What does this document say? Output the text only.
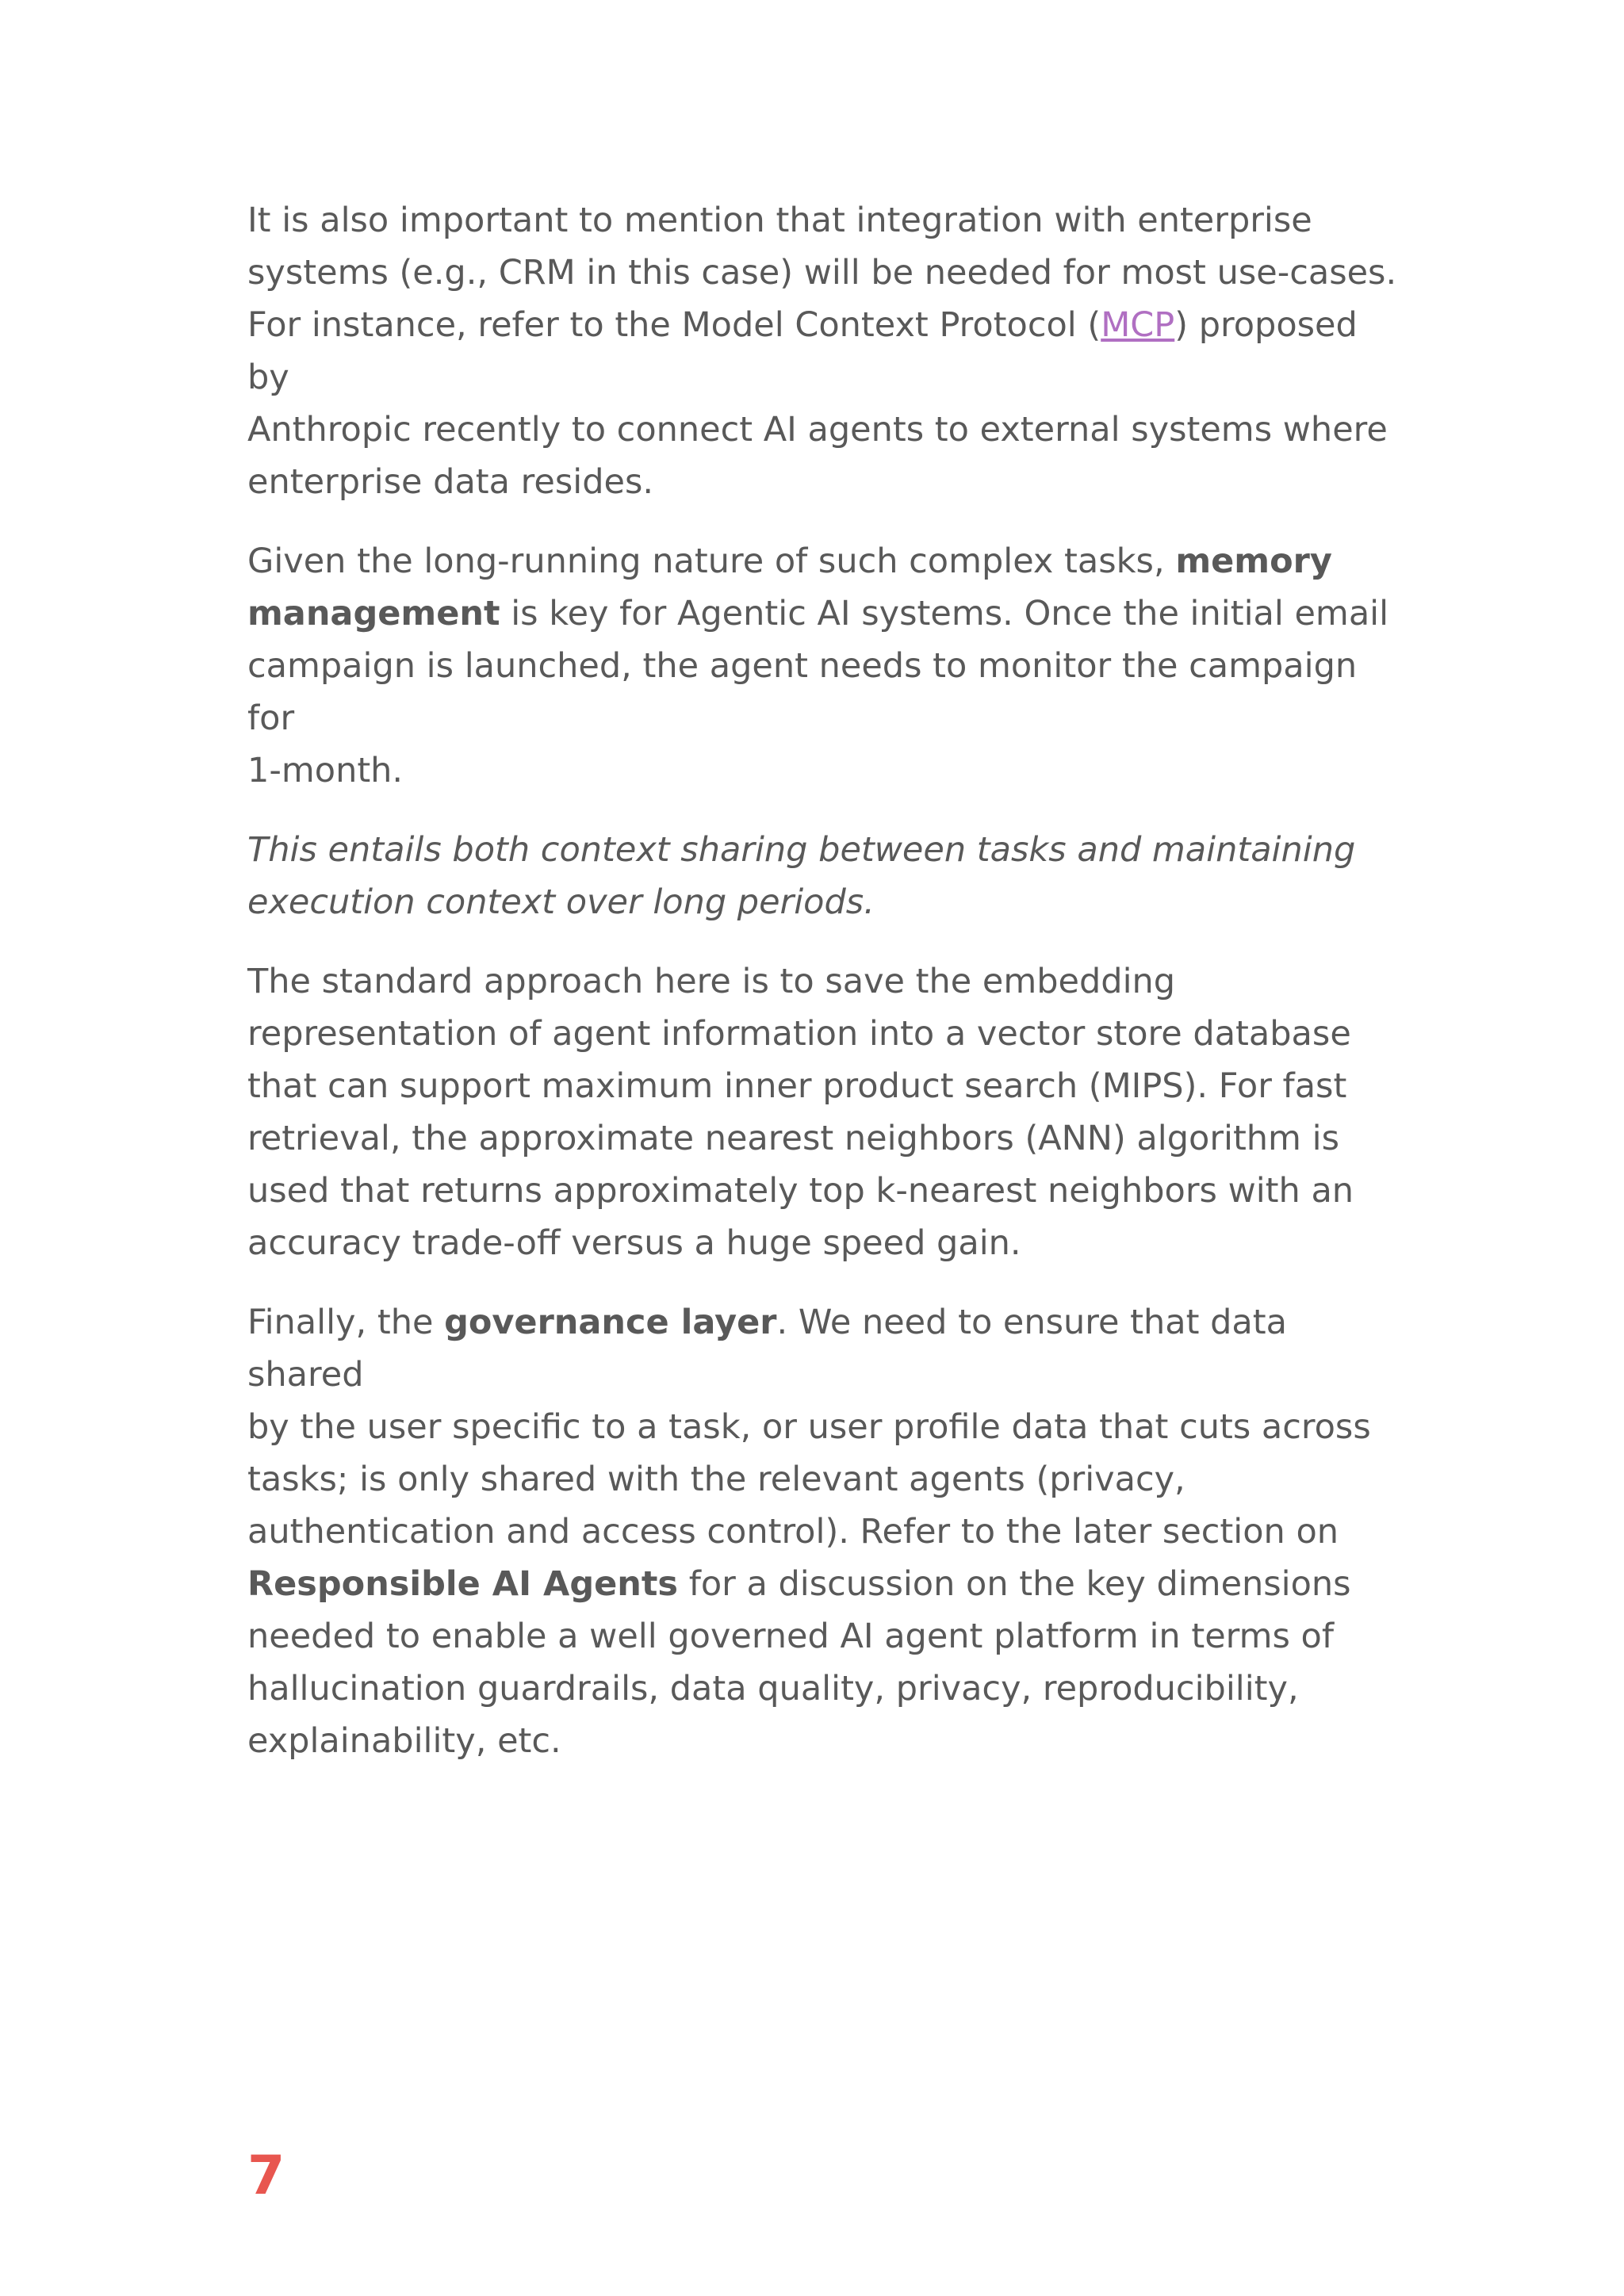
It is also important to mention that integration with enterprise
systems (e.g., CRM in this case) will be needed for most use-cases.
For instance, refer to the Model Context Protocol (MCP) proposed by
Anthropic recently to connect AI agents to external systems where
enterprise data resides.

Given the long-running nature of such complex tasks, memory
management is key for Agentic AI systems. Once the initial email
campaign is launched, the agent needs to monitor the campaign for
1-month.

This entails both context sharing between tasks and maintaining
execution context over long periods.

The standard approach here is to save the embedding
representation of agent information into a vector store database
that can support maximum inner product search (MIPS). For fast
retrieval, the approximate nearest neighbors (ANN) algorithm is
used that returns approximately top k-nearest neighbors with an
accuracy trade-off versus a huge speed gain.

Finally, the governance layer. We need to ensure that data shared
by the user specific to a task, or user profile data that cuts across
tasks; is only shared with the relevant agents (privacy,
authentication and access control). Refer to the later section on
Responsible AI Agents for a discussion on the key dimensions
needed to enable a well governed AI agent platform in terms of
hallucination guardrails, data quality, privacy, reproducibility,
explainability, etc.

7
